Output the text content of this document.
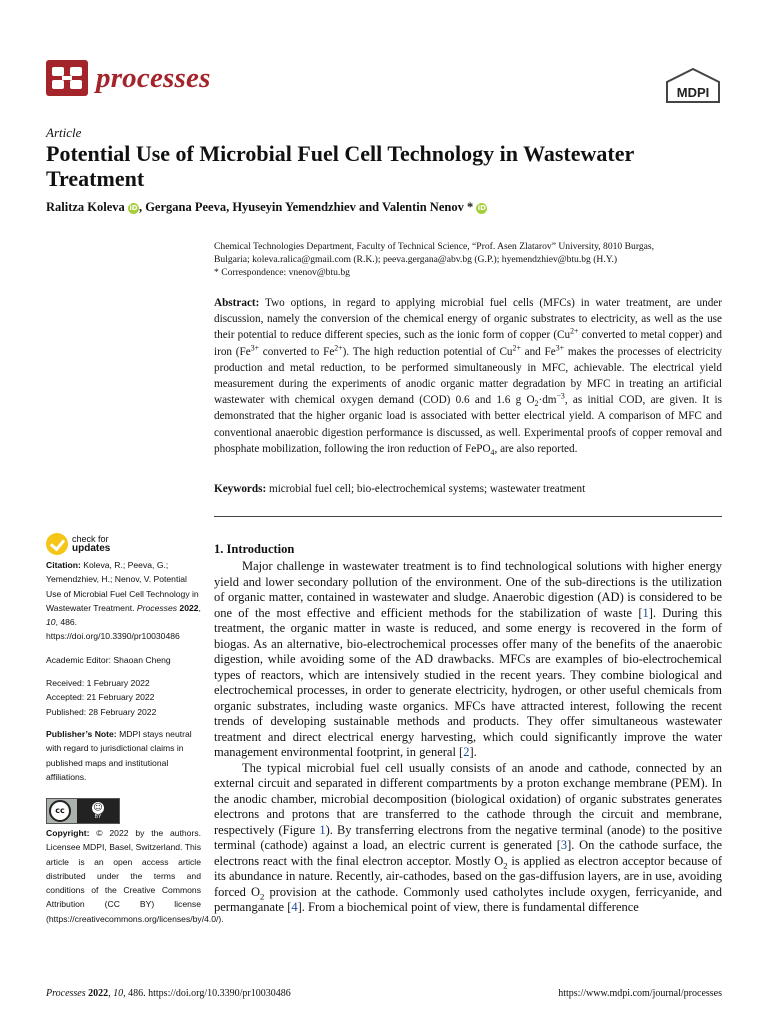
processes	MDPI
Article
Potential Use of Microbial Fuel Cell Technology in Wastewater Treatment
Ralitza Koleva iD, Gergana Peeva, Hyuseyin Yemendzhiev and Valentin Nenov * iD
Chemical Technologies Department, Faculty of Technical Science, “Prof. Asen Zlatarov” University, 8010 Burgas,
Bulgaria; koleva.ralica@gmail.com (R.K.); peeva.gergana@abv.bg (G.P.); hyemendzhiev@btu.bg (H.Y.)
* Correspondence: vnenov@btu.bg
Abstract: Two options, in regard to applying microbial fuel cells (MFCs) in water treatment, are under discussion, namely the conversion of the chemical energy of organic substrates to electricity, as well as the use their potential to reduce different species, such as the ionic form of copper ($Cu^{2+}$ converted to metal copper) and iron ($Fe^{3+}$ converted to $Fe^{2+}$). The high reduction potential of $Cu^{2+}$ and $Fe^{3+}$ makes the processes of electricity production and metal reduction, to be performed simultaneously in MFC, achievable. The electrical yield measurement during the experiments of anodic organic matter degradation by MFC in treating an artificial wastewater with chemical oxygen demand (COD) 0.6 and 1.6 g $O_2\cdot dm^{-3}$, as initial COD, are given. It is demonstrated that the higher organic load is associated with better electrical yield. A comparison of MFC and conventional anaerobic digestion performance is discussed, as well. Experimental proofs of copper removal and phosphate mobilization, following the iron reduction of FePO$_4$, are also reported.
Keywords: microbial fuel cell; bio-electrochemical systems; wastewater treatment
check for
updates
Citation: Koleva, R.; Peeva, G.; Yemendzhiev, H.; Nenov, V. Potential Use of Microbial Fuel Cell Technology in Wastewater Treatment. Processes 2022, 10, 486. https://doi.org/10.3390/pr10030486
Academic Editor: Shaoan Cheng
Received: 1 February 2022
Accepted: 21 February 2022
Published: 28 February 2022
Publisher’s Note: MDPI stays neutral with regard to jurisdictional claims in published maps and institutional affiliations.
cc	☺
BY
Copyright: © 2022 by the authors. Licensee MDPI, Basel, Switzerland. This article is an open access article distributed under the terms and conditions of the Creative Commons Attribution (CC BY) license (https://creativecommons.org/licenses/by/4.0/).
1. Introduction

Major challenge in wastewater treatment is to find technological solutions with higher energy yield and lower secondary pollution of the environment. One of the sub-directions is the utilization of organic matter, contained in wastewater and sludge. Anaerobic digestion (AD) is considered to be one of the most effective and efficient methods for the stabilization of waste [1]. During this treatment, the organic matter in waste is reduced, and some energy is recovered in the form of biogas. As an alternative, bio-electrochemical processes offer many of the benefits of the anaerobic digestion, while avoiding some of the AD drawbacks. MFCs are examples of bio-electrochemical types of reactors, which are intensively studied in the recent years. They combine biological and electrochemical processes, in order to generate electricity, hydrogen, or other useful chemicals from organic substrates, including waste organics. MFCs have attracted interest, following the recent trends of developing sustainable methods and products. They offer simultaneous wastewater treatment and direct electrical energy harvesting, which could significantly improve the water management environmental footprint, in general [2].

The typical microbial fuel cell usually consists of an anode and cathode, connected by an external circuit and separated in different compartments by a proton exchange membrane (PEM). In the anodic chamber, microbial decomposition (biological oxidation) of organic substrates generates electrons and protons that are transferred to the cathode through the circuit and membrane, respectively (Figure 1). By transferring electrons from the negative terminal (anode) to the positive terminal (cathode) against a load, an electric current is generated [3]. On the cathode surface, the electrons react with the final electron acceptor. Mostly $O_2$ is applied as electron acceptor because of its abundance in nature. Recently, air-cathodes, based on the gas-diffusion layers, are in use, avoiding forced $O_2$ provision at the cathode. Commonly used catholytes include oxygen, ferricyanide, and permanganate [4]. From a biochemical point of view, there is fundamental difference

Processes 2022, 10, 486. https://doi.org/10.3390/pr10030486	https://www.mdpi.com/journal/processes
